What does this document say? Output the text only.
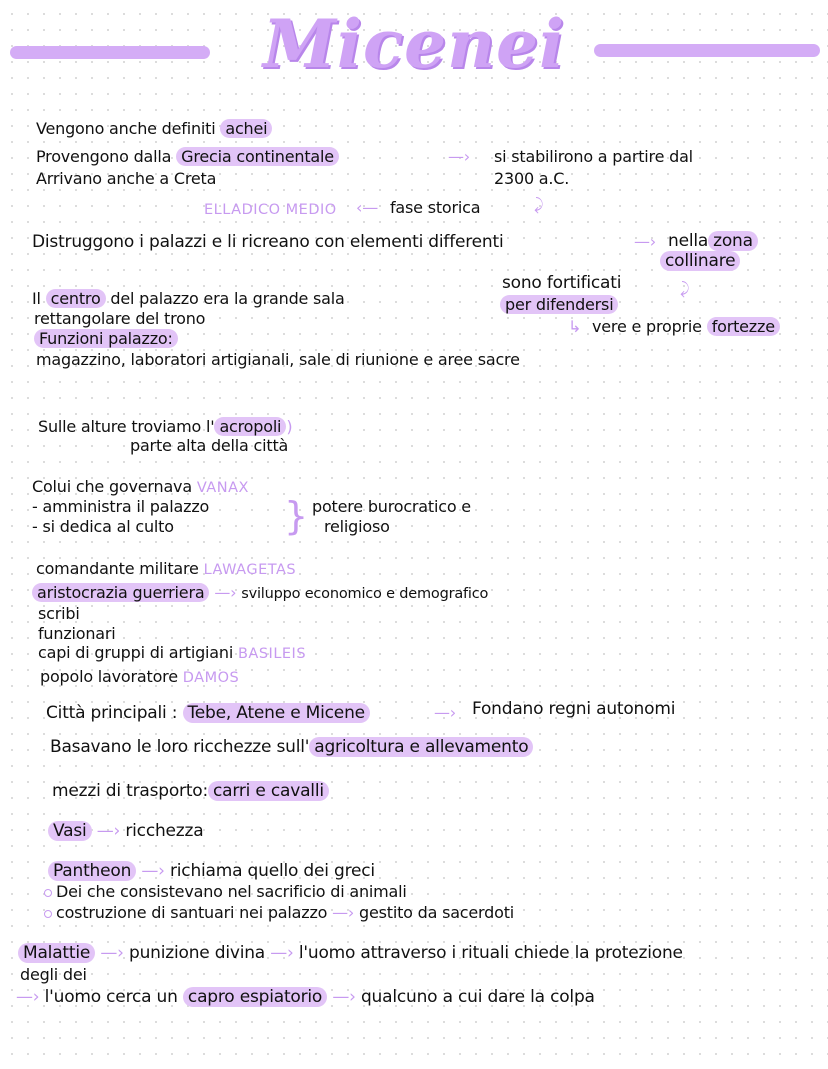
Micenei
Vengono anche definiti achei
Provengono dalla Grecia continentale	—› si stabilirono a partire dal
2300 a.C.
Arrivano anche a Creta
ELLADICO MEDIO ‹— fase storica	⤸
Distruggono i palazzi e li ricreano con elementi differenti	—› nella zona
collinare
sono fortificati	⤸
per difendersi
↳ vere e proprie fortezze
Il centro del palazzo era la grande sala
rettangolare del trono
Funzioni palazzo:
magazzino, laboratori artigianali, sale di riunione e aree sacre
Sulle alture troviamo l' acropoli )
parte alta della città
Colui che governava VANAX
- amministra il palazzo
- si dedica al culto	} potere burocratico e
religioso
comandante militare LAWAGETAS
aristocrazia guerriera —› sviluppo economico e demografico
scribi
funzionari
capi di gruppi di artigiani BASILEIS
popolo lavoratore DAMOS
Città principali : Tebe, Atene e Micene	—› Fondano regni autonomi
Basavano le loro ricchezze sull' agricoltura e allevamento
mezzi di trasporto: carri e cavalli
Vasi —› ricchezza
Pantheon —› richiama quello dei greci
Dei che consistevano nel sacrificio di animali
costruzione di santuari nei palazzo —› gestito da sacerdoti
Malattie —› punizione divina —› l'uomo attraverso i rituali chiede la protezione
degli dei
—› l'uomo cerca un capro espiatorio —› qualcuno a cui dare la colpa
